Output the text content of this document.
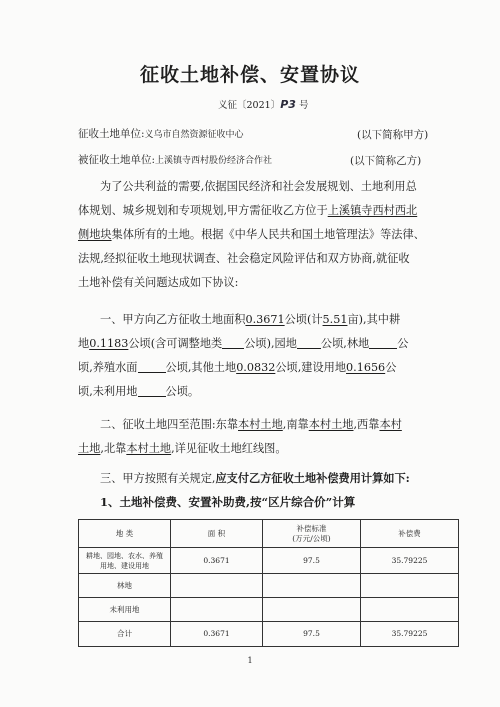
征收土地补偿、安置协议
义征〔2021〕P3 号
征收土地单位:义乌市自然资源征收中心	(以下简称甲方)
被征收土地单位:上溪镇寺西村股份经济合作社	(以下简称乙方)
为了公共利益的需要,依据国民经济和社会发展规划、土地利用总
体规划、城乡规划和专项规划,甲方需征收乙方位于上溪镇寺西村西北
侧地块集体所有的土地。根据《中华人民共和国土地管理法》等法律、
法规,经拟征收土地现状调查、社会稳定风险评估和双方协商,就征收
土地补偿有关问题达成如下协议:
一、甲方向乙方征收土地面积0.3671公顷(计5.51亩),其中耕
地0.1183公顷(含可调整地类 公顷),园地 公顷,林地	公
顷,养殖水面	公顷,其他土地0.0832公顷,建设用地0.1656公
顷,未利用地	公顷。
二、征收土地四至范围:东靠本村土地,南靠本村土地,西靠本村
土地,北靠本村土地,详见征收土地红线图。
三、甲方按照有关规定,应支付乙方征收土地补偿费用计算如下:
1、土地补偿费、安置补助费,按“区片综合价”计算
地 类	面 积	补偿标准
(万元/公顷)	补偿费
耕地、园地、农水、养殖
用地、建设用地	0.3671	97.5	35.79225
林地			
未利用地			
合计	0.3671	97.5	35.79225
1
